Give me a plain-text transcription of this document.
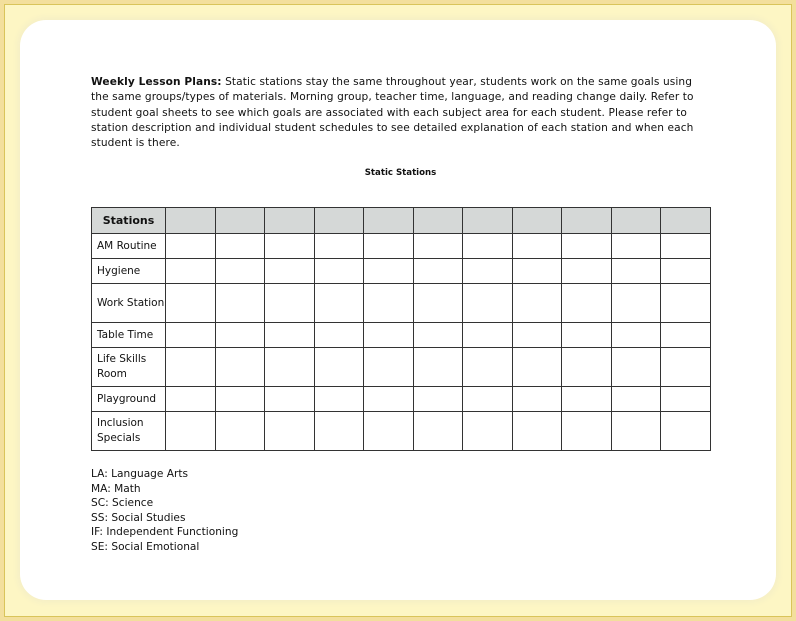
Weekly Lesson Plans: Static stations stay the same throughout year, students work on the same goals using the same groups/types of materials. Morning group, teacher time, language, and reading change daily. Refer to student goal sheets to see which goals are associated with each subject area for each student. Please refer to station description and individual student schedules to see detailed explanation of each station and when each student is there.
Static Stations
Stations											
AM Routine											
Hygiene											
Work Station											
Table Time											
Life Skills Room											
Playground											
Inclusion Specials											
LA: Language Arts
MA: Math
SC: Science
SS: Social Studies
IF: Independent Functioning
SE: Social Emotional
